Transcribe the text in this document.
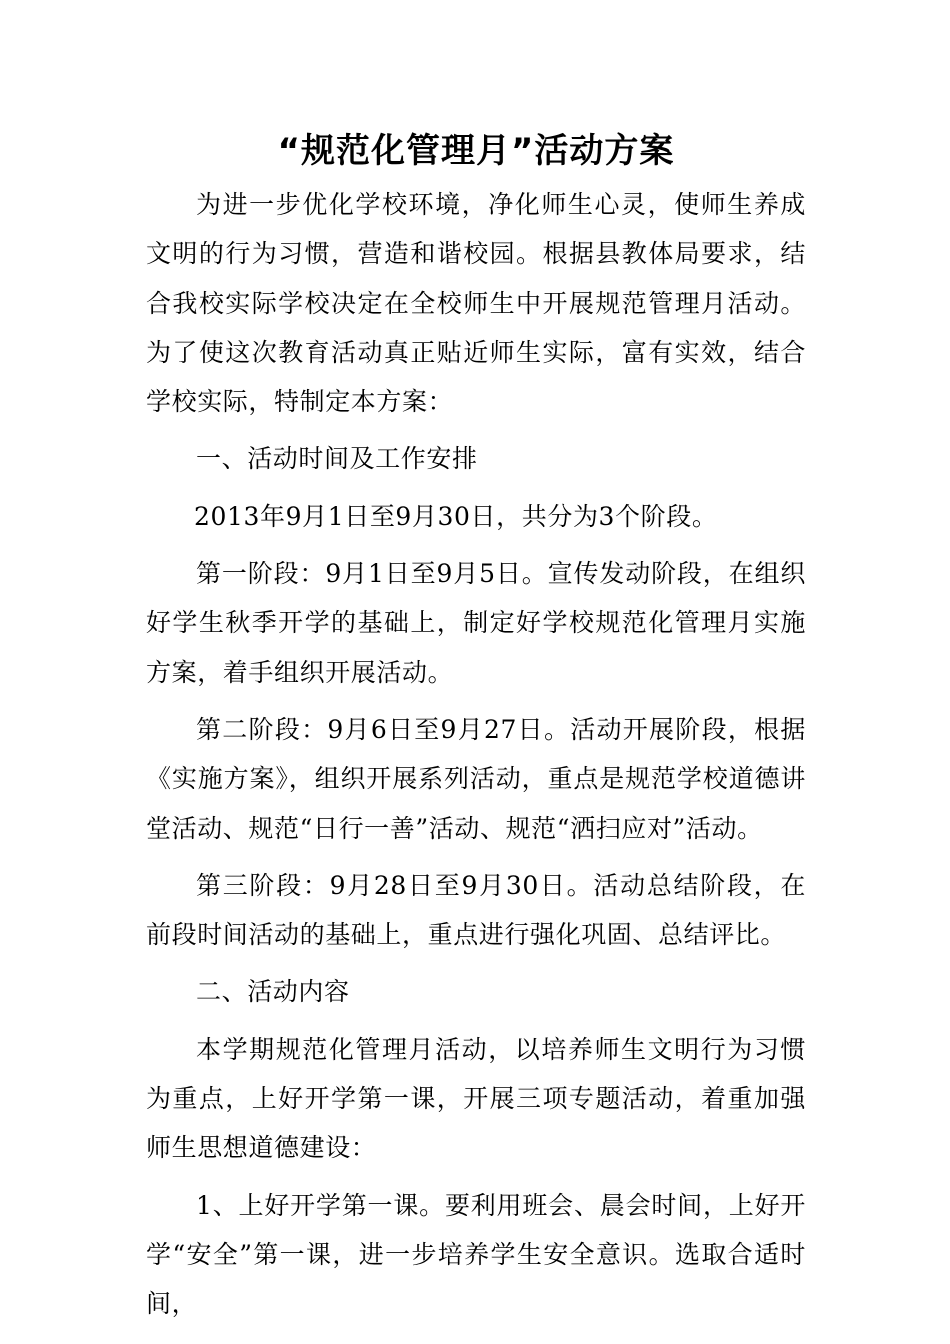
“规范化管理月”活动方案

为进一步优化学校环境，净化师生心灵，使师生养成文明的行为习惯，营造和谐校园。根据县教体局要求，结合我校实际学校决定在全校师生中开展规范管理月活动。为了使这次教育活动真正贴近师生实际，富有实效，结合学校实际，特制定本方案：

一、活动时间及工作安排

2013年9月1日至9月30日，共分为3个阶段。

第一阶段：9月1日至9月5日。宣传发动阶段，在组织好学生秋季开学的基础上，制定好学校规范化管理月实施方案，着手组织开展活动。

第二阶段：9月6日至9月27日。活动开展阶段，根据《实施方案》，组织开展系列活动，重点是规范学校道德讲堂活动、规范“日行一善”活动、规范“洒扫应对”活动。

第三阶段：9月28日至9月30日。活动总结阶段，在前段时间活动的基础上，重点进行强化巩固、总结评比。

二、活动内容

本学期规范化管理月活动，以培养师生文明行为习惯为重点，上好开学第一课，开展三项专题活动，着重加强师生思想道德建设：

1、上好开学第一课。要利用班会、晨会时间，上好开学“安全”第一课，进一步培养学生安全意识。选取合适时间，
